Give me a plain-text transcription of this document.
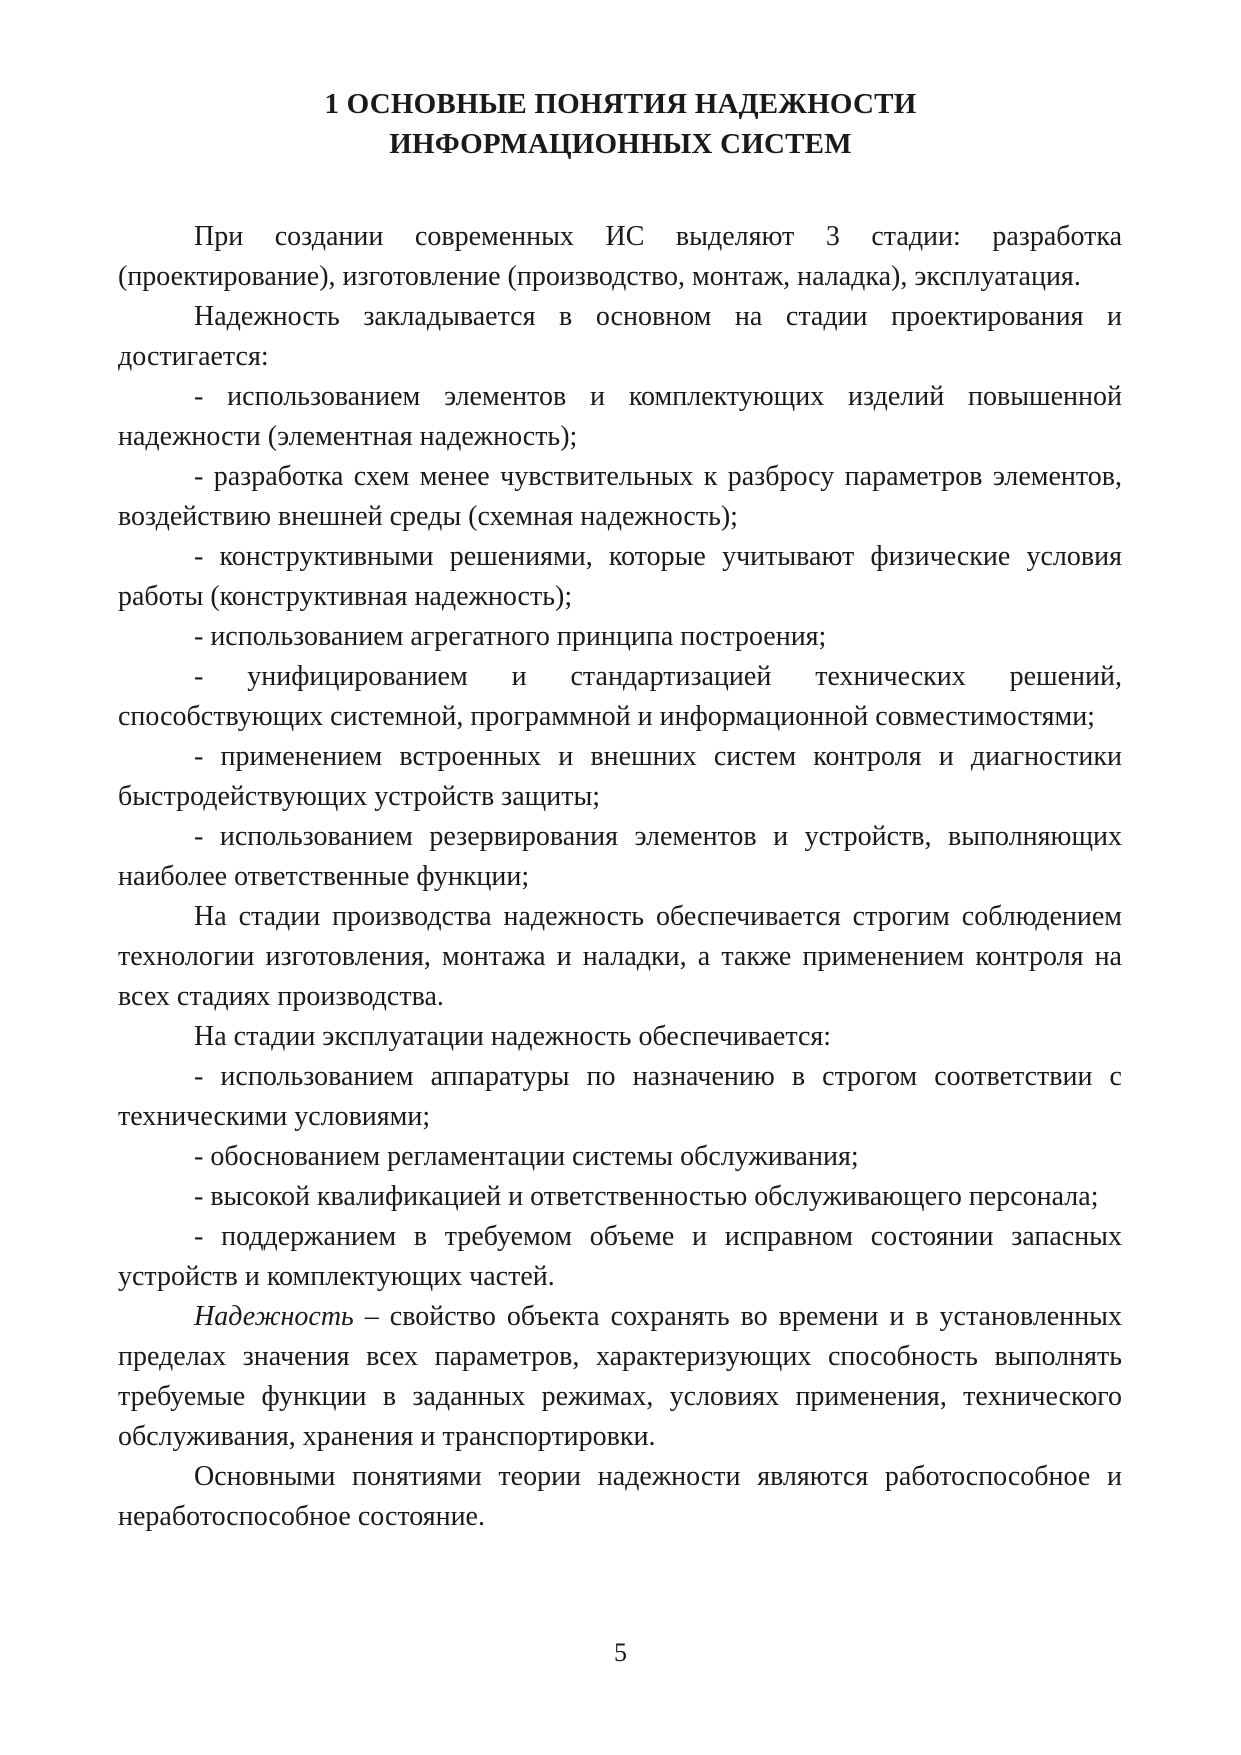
1 ОСНОВНЫЕ ПОНЯТИЯ НАДЕЖНОСТИ
ИНФОРМАЦИОННЫХ СИСТЕМ

При создании современных ИС выделяют 3 стадии: разработка (проектирование), изготовление (производство, монтаж, наладка), эксплуатация.

Надежность закладывается в основном на стадии проектирования и достигается:

- использованием элементов и комплектующих изделий повышенной надежности (элементная надежность);

- разработка схем менее чувствительных к разбросу параметров элементов, воздействию внешней среды (схемная надежность);

- конструктивными решениями, которые учитывают физические условия работы (конструктивная надежность);

- использованием агрегатного принципа построения;

- унифицированием и стандартизацией технических решений, способствующих системной, программной и информационной совместимостями;

- применением встроенных и внешних систем контроля и диагностики быстродействующих устройств защиты;

- использованием резервирования элементов и устройств, выполняющих наиболее ответственные функции;

На стадии производства надежность обеспечивается строгим соблюдением технологии изготовления, монтажа и наладки, а также применением контроля на всех стадиях производства.

На стадии эксплуатации надежность обеспечивается:

- использованием аппаратуры по назначению в строгом соответствии с техническими условиями;

- обоснованием регламентации системы обслуживания;

- высокой квалификацией и ответственностью обслуживающего персонала;

- поддержанием в требуемом объеме и исправном состоянии запасных устройств и комплектующих частей.

Надежность – свойство объекта сохранять во времени и в установленных пределах значения всех параметров, характеризующих способность выполнять требуемые функции в заданных режимах, условиях применения, технического обслуживания, хранения и транспортировки.

Основными понятиями теории надежности являются работоспособное и неработоспособное состояние.

5
